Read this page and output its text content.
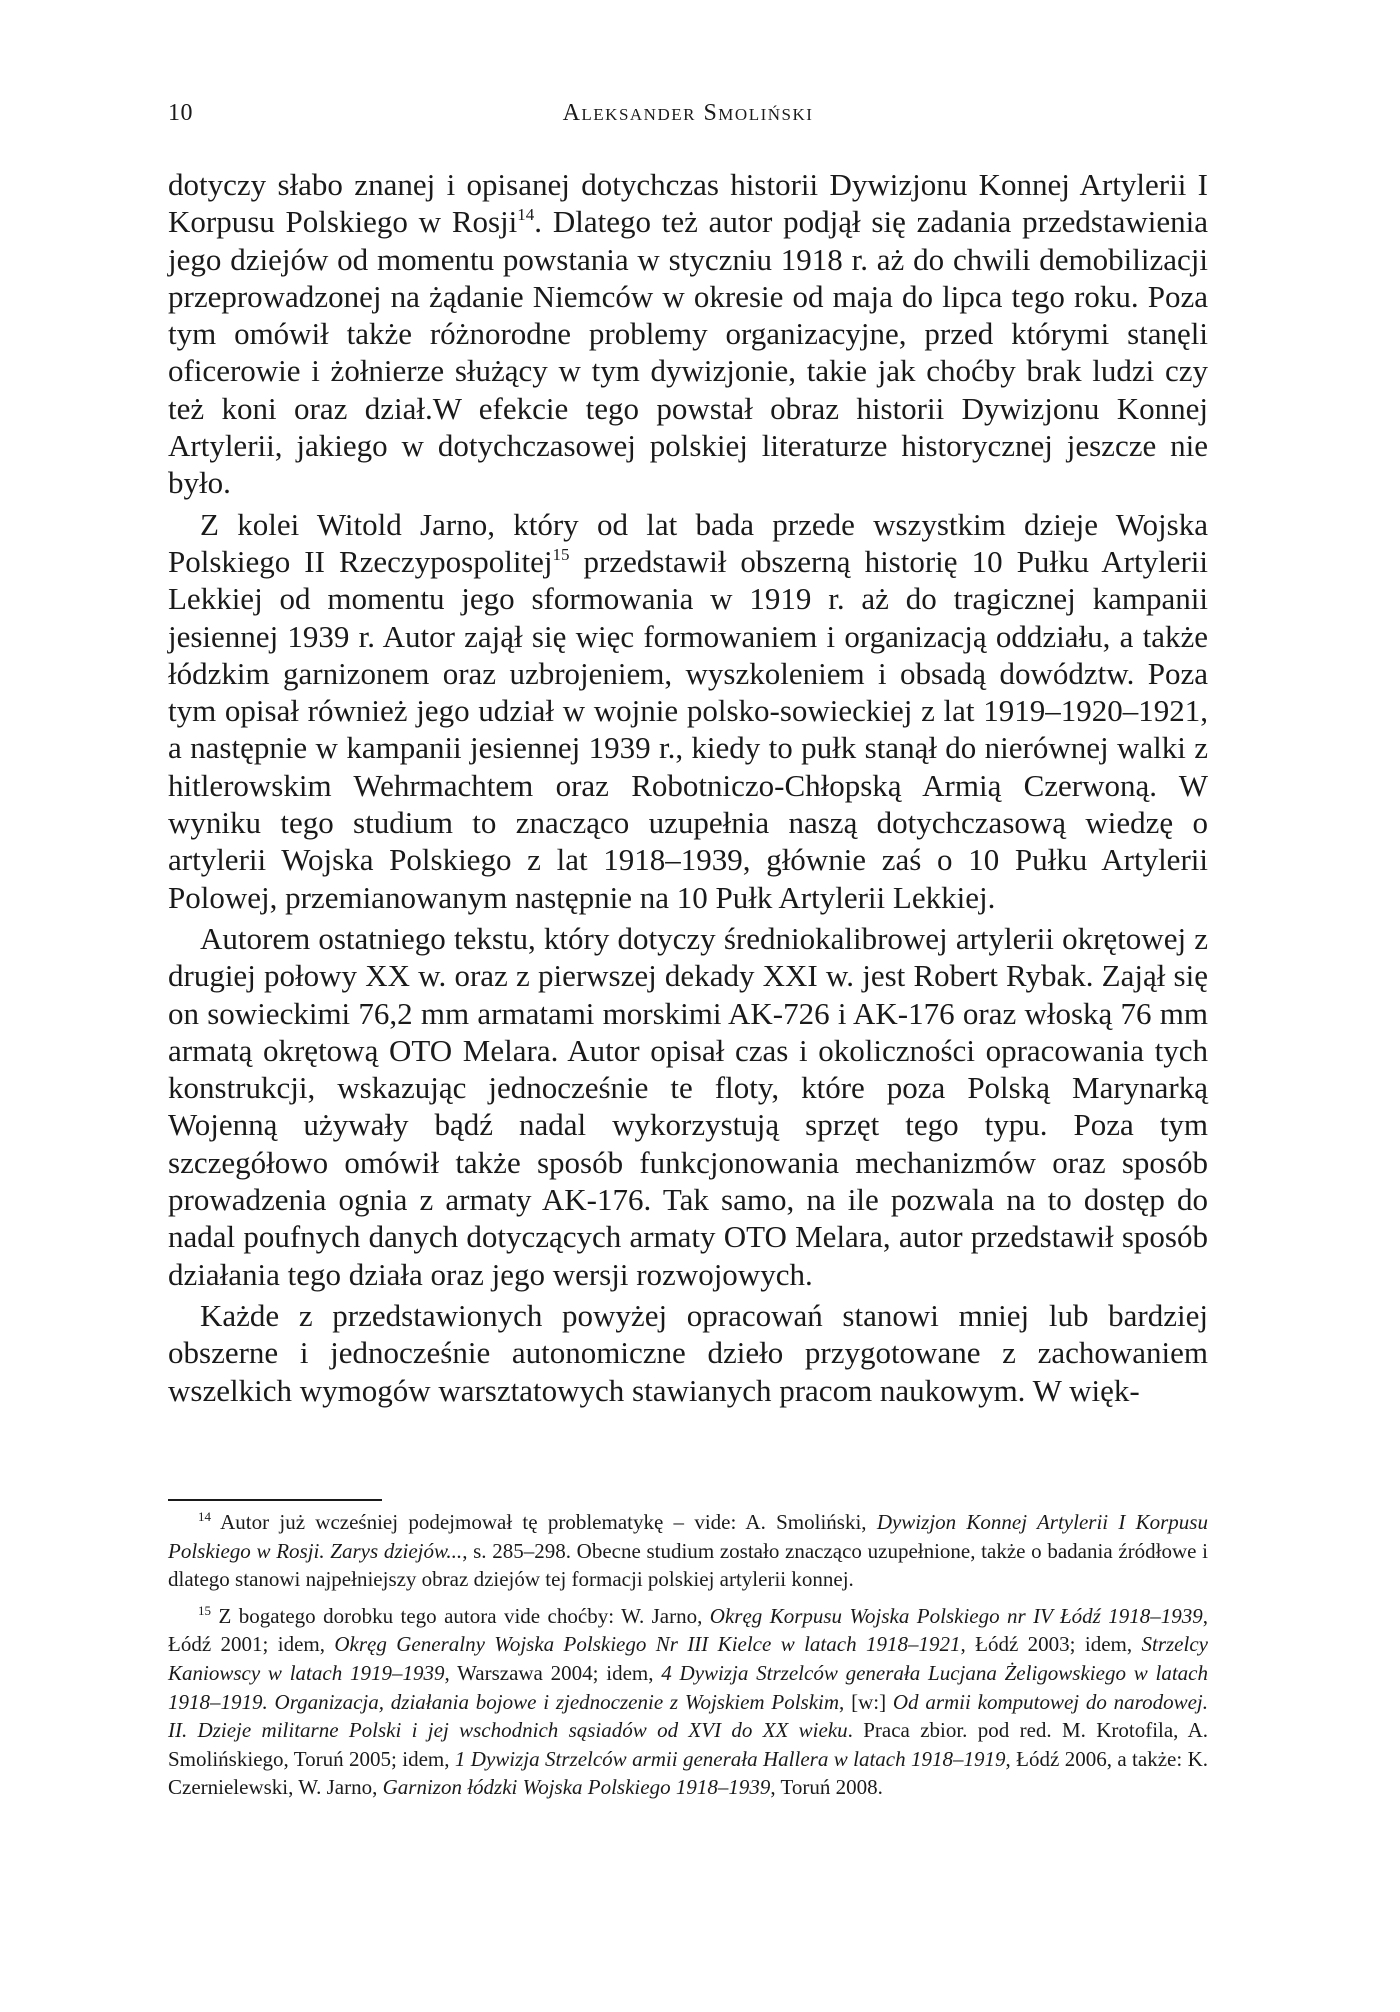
10	Aleksander Smoliński

dotyczy słabo znanej i opisanej dotychczas historii Dywizjonu Konnej Artylerii I Korpusu Polskiego w Rosji$^{14}$. Dlatego też autor podjął się zadania przedstawienia jego dziejów od momentu powstania w styczniu 1918 r. aż do chwili demobilizacji przeprowadzonej na żądanie Niemców w okresie od maja do lipca tego roku. Poza tym omówił także różnorodne problemy organizacyjne, przed którymi stanęli oficerowie i żołnierze służący w tym dywizjonie, takie jak choćby brak ludzi czy też koni oraz dział.W efekcie tego powstał obraz historii Dywizjonu Konnej Artylerii, jakiego w dotychczasowej polskiej literaturze historycznej jeszcze nie było.

Z kolei Witold Jarno, który od lat bada przede wszystkim dzieje Wojska Polskiego II Rzeczypospolitej$^{15}$ przedstawił obszerną historię 10 Pułku Artylerii Lekkiej od momentu jego sformowania w 1919 r. aż do tragicznej kampanii jesiennej 1939 r. Autor zajął się więc formowaniem i organizacją oddziału, a także łódzkim garnizonem oraz uzbrojeniem, wyszkoleniem i obsadą dowództw. Poza tym opisał również jego udział w wojnie polsko-sowieckiej z lat 1919–1920–1921, a następnie w kampanii jesiennej 1939 r., kiedy to pułk stanął do nierównej walki z hitlerowskim Wehrmachtem oraz Robotniczo-Chłopską Armią Czerwoną. W wyniku tego studium to znacząco uzupełnia naszą dotychczasową wiedzę o artylerii Wojska Polskiego z lat 1918–1939, głównie zaś o 10 Pułku Artylerii Polowej, przemianowanym następnie na 10 Pułk Artylerii Lekkiej.

Autorem ostatniego tekstu, który dotyczy średniokalibrowej artylerii okrętowej z drugiej połowy XX w. oraz z pierwszej dekady XXI w. jest Robert Rybak. Zajął się on sowieckimi 76,2 mm armatami morskimi AK-726 i AK-176 oraz włoską 76 mm armatą okrętową OTO Melara. Autor opisał czas i okoliczności opracowania tych konstrukcji, wskazując jednocześnie te floty, które poza Polską Marynarką Wojenną używały bądź nadal wykorzystują sprzęt tego typu. Poza tym szczegółowo omówił także sposób funkcjonowania mechanizmów oraz sposób prowadzenia ognia z armaty AK-176. Tak samo, na ile pozwala na to dostęp do nadal poufnych danych dotyczących armaty OTO Melara, autor przedstawił sposób działania tego działa oraz jego wersji rozwojowych.

Każde z przedstawionych powyżej opracowań stanowi mniej lub bardziej obszerne i jednocześnie autonomiczne dzieło przygotowane z zachowaniem wszelkich wymogów warsztatowych stawianych pracom naukowym. W więk-

$^{14}$ Autor już wcześniej podejmował tę problematykę – vide: A. Smoliński, Dywizjon Konnej Artylerii I Korpusu Polskiego w Rosji. Zarys dziejów..., s. 285–298. Obecne studium zostało znacząco uzupełnione, także o badania źródłowe i dlatego stanowi najpełniejszy obraz dziejów tej formacji polskiej artylerii konnej.

$^{15}$ Z bogatego dorobku tego autora vide choćby: W. Jarno, Okręg Korpusu Wojska Polskiego nr IV Łódź 1918–1939, Łódź 2001; idem, Okręg Generalny Wojska Polskiego Nr III Kielce w latach 1918–1921, Łódź 2003; idem, Strzelcy Kaniowscy w latach 1919–1939, Warszawa 2004; idem, 4 Dywizja Strzelców generała Lucjana Żeligowskiego w latach 1918–1919. Organizacja, działania bojowe i zjednoczenie z Wojskiem Polskim, [w:] Od armii komputowej do narodowej. II. Dzieje militarne Polski i jej wschodnich sąsiadów od XVI do XX wieku. Praca zbior. pod red. M. Krotofila, A. Smolińskiego, Toruń 2005; idem, 1 Dywizja Strzelców armii generała Hallera w latach 1918–1919, Łódź 2006, a także: K. Czernielewski, W. Jarno, Garnizon łódzki Wojska Polskiego 1918–1939, Toruń 2008.
